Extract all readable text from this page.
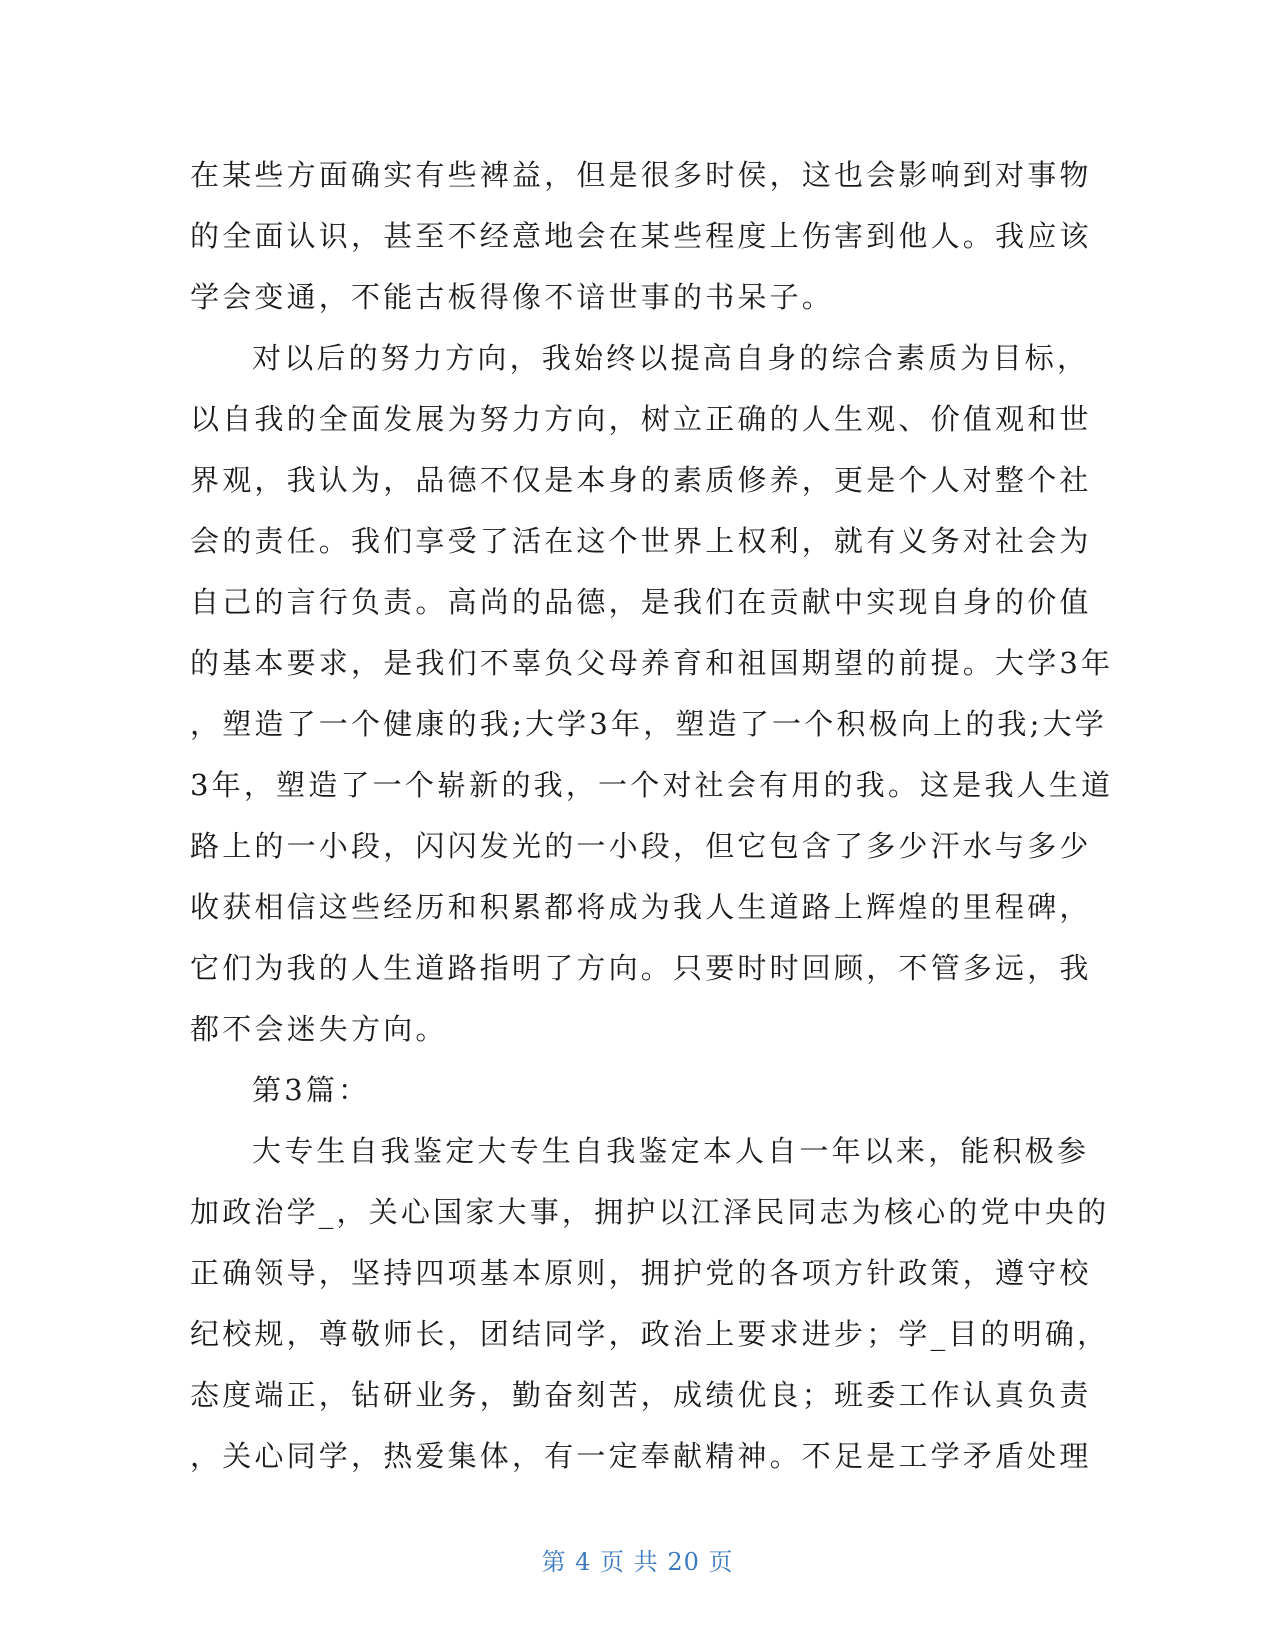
在某些方面确实有些裨益，但是很多时侯，这也会影响到对事物
的全面认识，甚至不经意地会在某些程度上伤害到他人。我应该
学会变通，不能古板得像不谙世事的书呆子。
对以后的努力方向，我始终以提高自身的综合素质为目标，
以自我的全面发展为努力方向，树立正确的人生观、价值观和世
界观，我认为，品德不仅是本身的素质修养，更是个人对整个社
会的责任。我们享受了活在这个世界上权利，就有义务对社会为
自己的言行负责。高尚的品德，是我们在贡献中实现自身的价值
的基本要求，是我们不辜负父母养育和祖国期望的前提。大学3年
，塑造了一个健康的我;大学3年，塑造了一个积极向上的我;大学
3年，塑造了一个崭新的我，一个对社会有用的我。这是我人生道
路上的一小段，闪闪发光的一小段，但它包含了多少汗水与多少
收获相信这些经历和积累都将成为我人生道路上辉煌的里程碑，
它们为我的人生道路指明了方向。只要时时回顾，不管多远，我
都不会迷失方向。
第3篇：
大专生自我鉴定大专生自我鉴定本人自一年以来，能积极参
加政治学_，关心国家大事，拥护以江泽民同志为核心的党中央的
正确领导，坚持四项基本原则，拥护党的各项方针政策，遵守校
纪校规，尊敬师长，团结同学，政治上要求进步；学_目的明确，
态度端正，钻研业务，勤奋刻苦，成绩优良；班委工作认真负责
，关心同学，热爱集体，有一定奉献精神。不足是工学矛盾处理
第 4 页 共 20 页
